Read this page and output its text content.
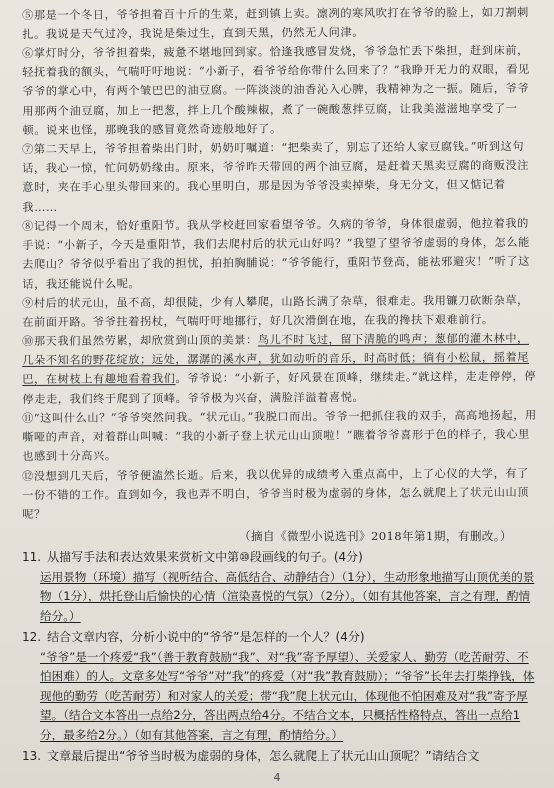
⑤那是一个冬日，爷爷担着百十斤的生菜，赶到镇上卖。凛冽的寒风吹打在爷爷的脸上，如刀割刺扎。我说是天气过冷，我说是柴过生，直到天黑，仍然无人问津。

⑥掌灯时分，爷爷担着柴，疲惫不堪地回到家。恰逢我感冒发烧，爷爷急忙丢下柴担，赶到床前，轻抚着我的额头，气喘吁吁地说：“小新子，看爷爷给你带什么回来了？”我睁开无力的双眼，看见爷爷的掌心中，有两个皱巴巴的油豆腐。一阵淡淡的油香沁入心脾，我精神为之一振。随后，爷爷用那两个油豆腐，加上一把葱，拌上几个酸辣椒，煮了一碗酸葱拌豆腐，让我美滋滋地享受了一顿。说来也怪，那晚我的感冒竟然奇迹般地好了。

⑦第二天早上，爷爷担着柴出门时，奶奶叮嘱道：“把柴卖了，别忘了还给人家豆腐钱。”听到这句话，我心一惊，忙问奶奶缘由。原来，爷爷昨天带回的两个油豆腐，是赶着天黑卖豆腐的商贩没注意时，夹在手心里头带回来的。我心里明白，那是因为爷爷没卖掉柴，身无分文，但又惦记着我……

⑧记得一个周末，恰好重阳节。我从学校赶回家看望爷爷。久病的爷爷，身体很虚弱，他拉着我的手说：“小新子，今天是重阳节，我们去爬村后的状元山好吗？”我望了望爷爷虚弱的身体，怎么能去爬山？爷爷似乎看出了我的担忧，拍拍胸脯说：“爷爷能行，重阳节登高，能祛邪避灾！”听了这话，我还能说什么呢。

⑨村后的状元山，虽不高，却很陡，少有人攀爬，山路长满了杂草，很难走。我用镰刀砍断杂草，在前面开路。爷爷拄着拐杖，气喘吁吁地挪行，好几次滑倒在地，在我的搀扶下艰难前行。

⑩那天我们虽然劳累，却欣赏到山顶的美景：鸟儿不时飞过，留下清脆的鸣声；葱郁的灌木林中，几朵不知名的野花绽放；远处，潺潺的溪水声，犹如动听的音乐，时高时低；徜有小松鼠，摇着尾巴，在树枝上有趣地看着我们。爷爷说：“小新子，好风景在顶峰，继续走。”就这样，走走停停，停停走走，我们终于爬到了顶峰。爷爷极为兴奋，满脸洋溢着喜悦。

⑪“这叫什么山？”爷爷突然问我。“状元山。”我脱口而出。爷爷一把抓住我的双手，高高地扬起，用嘶哑的声音，对着群山叫喊：“我的小新子登上状元山山顶啦！”瞧着爷爷喜形于色的样子，我心里也感到十分高兴。

⑫没想到几天后，爷爷便溘然长逝。后来，我以优异的成绩考入重点高中，上了心仪的大学，有了一份不错的工作。直到如今，我也弄不明白，爷爷当时极为虚弱的身体，怎么就爬上了状元山山顶呢？

（摘自《微型小说选刊》2018年第1期，有删改。）
11. 从描写手法和表达效果来赏析文中第⑩段画线的句子。(4分)
运用景物（环境）描写（视听结合、高低结合、动静结合）（1分），生动形象地描写山顶优美的景物（1分），烘托登山后愉快的心情（渲染喜悦的气氛）（2分）。（如有其他答案，言之有理，酌情给分。）
12. 结合文章内容，分析小说中的“爷爷”是怎样的一个人？(4分)
“爷爷”是一个疼爱“我”（善于教育鼓励“我”、对“我”寄予厚望）、关爱家人、勤劳（吃苦耐劳、不怕困难）的人。文章多处写“爷爷”对“我”的疼爱（对“我”教育鼓励）；“爷爷”长年去打柴挣钱，体现他的勤劳（吃苦耐劳）和对家人的关爱；带“我”爬上状元山，体现他不怕困难及对“我”寄予厚望。（结合文本答出一点给2分，答出两点给4分。不结合文本，只概括性格特点，答出一点给1分，最多给2分。）（如有其他答案，言之有理，酌情给分。）
13. 文章最后提出“爷爷当时极为虚弱的身体，怎么就爬上了状元山山顶呢？”请结合文
4
